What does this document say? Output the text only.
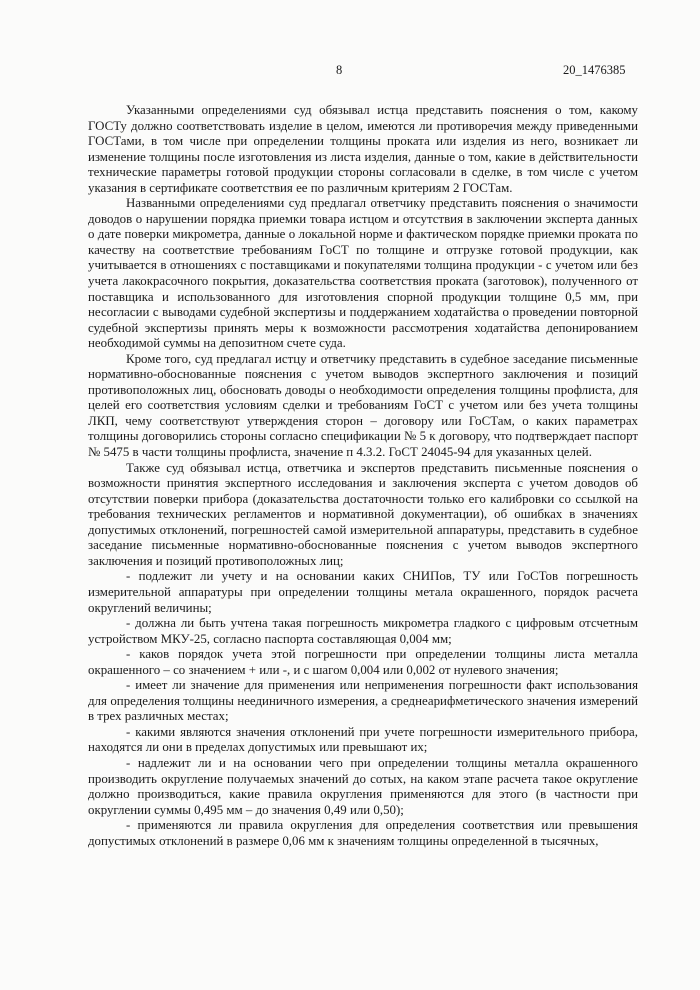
8	20_1476385

Указанными определениями суд обязывал истца представить пояснения о том, какому ГОСТу должно соответствовать изделие в целом, имеются ли противоречия между приведенными ГОСТами, в том числе при определении толщины проката или изделия из него, возникает ли изменение толщины после изготовления из листа изделия, данные о том, какие в действительности технические параметры готовой продукции стороны согласовали в сделке, в том числе с учетом указания в сертификате соответствия ее по различным критериям 2 ГОСТам.

Названными определениями суд предлагал ответчику представить пояснения о значимости доводов о нарушении порядка приемки товара истцом и отсутствия в заключении эксперта данных о дате поверки микрометра, данные о локальной норме и фактическом порядке приемки проката по качеству на соответствие требованиям ГоСТ по толщине и отгрузке готовой продукции, как учитывается в отношениях с поставщиками и покупателями толщина продукции - с учетом или без учета лакокрасочного покрытия, доказательства соответствия проката (заготовок), полученного от поставщика и использованного для изготовления спорной продукции толщине 0,5 мм, при несогласии с выводами судебной экспертизы и поддержанием ходатайства о проведении повторной судебной экспертизы принять меры к возможности рассмотрения ходатайства депонированием необходимой суммы на депозитном счете суда.

Кроме того, суд предлагал истцу и ответчику представить в судебное заседание письменные нормативно-обоснованные пояснения с учетом выводов экспертного заключения и позиций противоположных лиц, обосновать доводы о необходимости определения толщины профлиста, для целей его соответствия условиям сделки и требованиям ГоСТ с учетом или без учета толщины ЛКП, чему соответствуют утверждения сторон – договору или ГоСТам, о каких параметрах толщины договорились стороны согласно спецификации № 5 к договору, что подтверждает паспорт № 5475 в части толщины профлиста, значение п 4.3.2. ГоСТ 24045-94 для указанных целей.

Также суд обязывал истца, ответчика и экспертов представить письменные пояснения о возможности принятия экспертного исследования и заключения эксперта с учетом доводов об отсутствии поверки прибора (доказательства достаточности только его калибровки со ссылкой на требования технических регламентов и нормативной документации), об ошибках в значениях допустимых отклонений, погрешностей самой измерительной аппаратуры, представить в судебное заседание письменные нормативно-обоснованные пояснения с учетом выводов экспертного заключения и позиций противоположных лиц;

- подлежит ли учету и на основании каких СНИПов, ТУ или ГоСТов погрешность измерительной аппаратуры при определении толщины метала окрашенного, порядок расчета округлений величины;

- должна ли быть учтена такая погрешность микрометра гладкого с цифровым отсчетным устройством МКУ-25, согласно паспорта составляющая 0,004 мм;

- каков порядок учета этой погрешности при определении толщины листа металла окрашенного – со значением + или -, и с шагом 0,004 или 0,002 от нулевого значения;

- имеет ли значение для применения или неприменения погрешности факт использования для определения толщины неединичного измерения, а среднеарифметического значения измерений в трех различных местах;

- какими являются значения отклонений при учете погрешности измерительного прибора, находятся ли они в пределах допустимых или превышают их;

- надлежит ли и на основании чего при определении толщины металла окрашенного производить округление получаемых значений до сотых, на каком этапе расчета такое округление должно производиться, какие правила округления применяются для этого (в частности при округлении суммы 0,495 мм – до значения 0,49 или 0,50);

- применяются ли правила округления для определения соответствия или превышения допустимых отклонений в размере 0,06 мм к значениям толщины определенной в тысячных,
